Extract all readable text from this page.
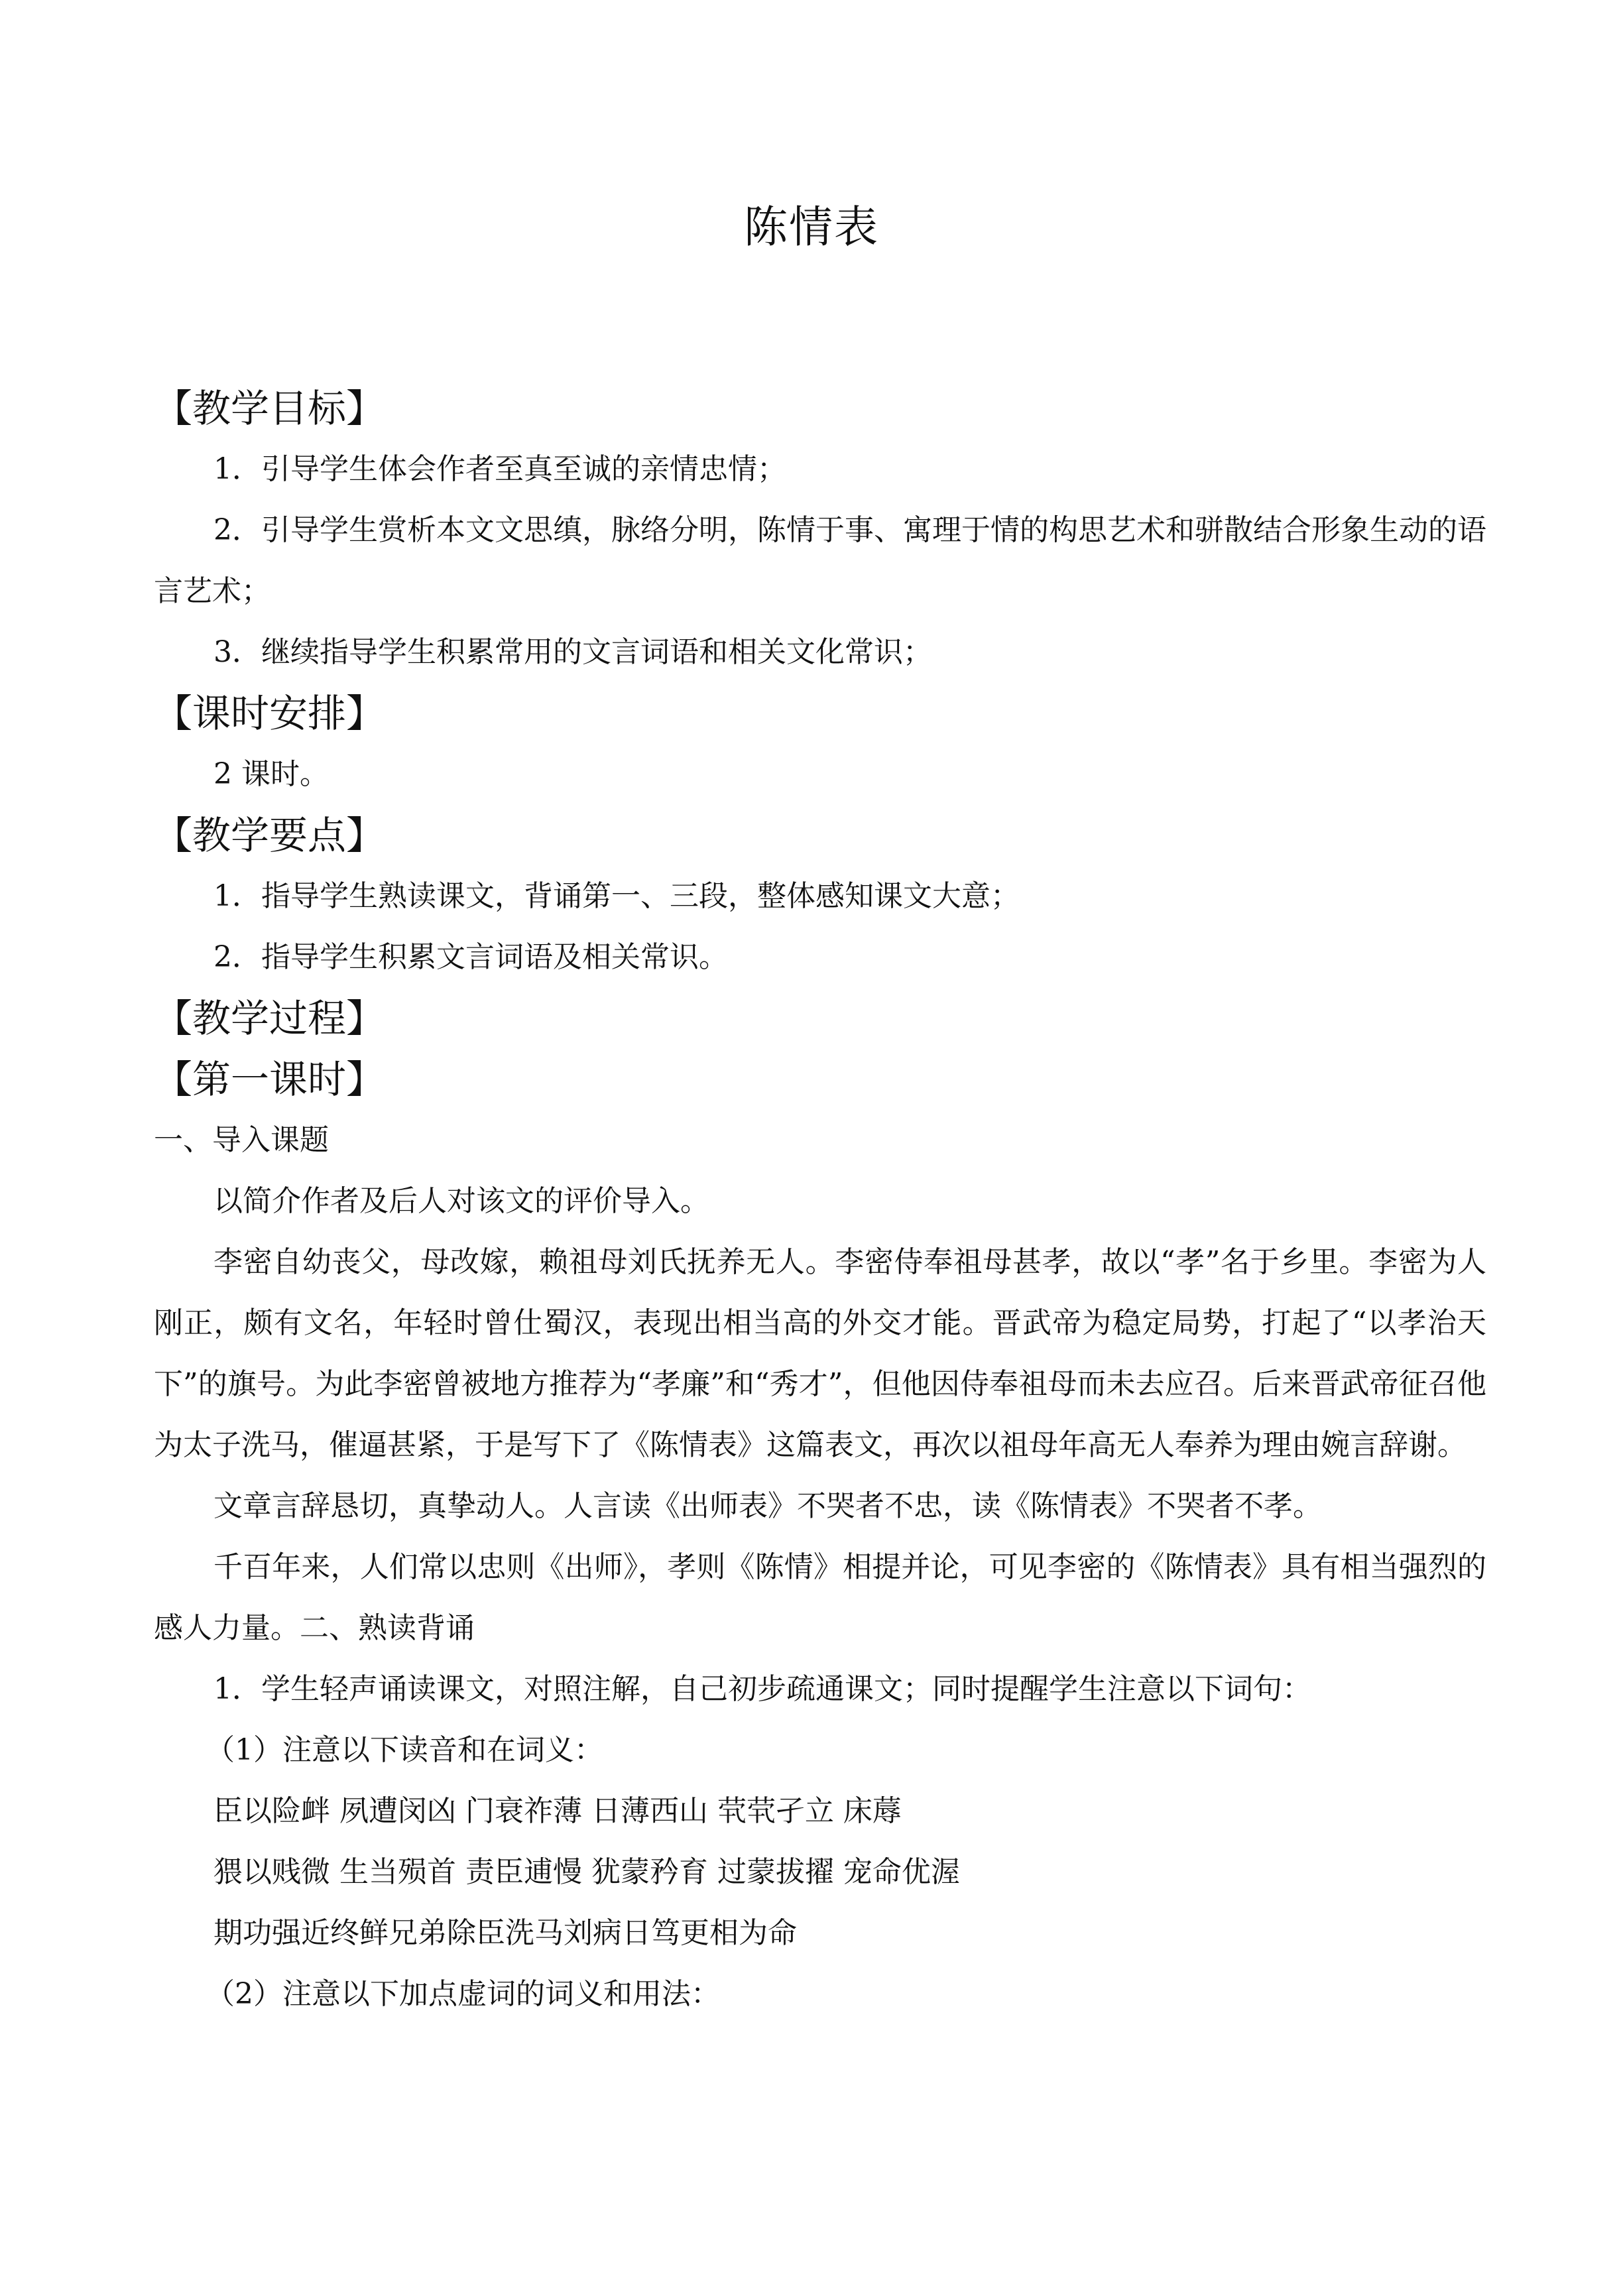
陈情表
【教学目标】

1．引导学生体会作者至真至诚的亲情忠情；

2．引导学生赏析本文文思缜，脉络分明，陈情于事、寓理于情的构思艺术和骈散结合形象生动的语言艺术；

3．继续指导学生积累常用的文言词语和相关文化常识；

【课时安排】

2 课时。

【教学要点】

1．指导学生熟读课文，背诵第一、三段，整体感知课文大意；

2．指导学生积累文言词语及相关常识。

【教学过程】
【第一课时】
一、导入课题

以简介作者及后人对该文的评价导入。

李密自幼丧父，母改嫁，赖祖母刘氏抚养无人。李密侍奉祖母甚孝，故以“孝”名于乡里。李密为人刚正，颇有文名，年轻时曾仕蜀汉，表现出相当高的外交才能。晋武帝为稳定局势，打起了“以孝治天下”的旗号。为此李密曾被地方推荐为“孝廉”和“秀才”，但他因侍奉祖母而未去应召。后来晋武帝征召他为太子洗马，催逼甚紧，于是写下了《陈情表》这篇表文，再次以祖母年高无人奉养为理由婉言辞谢。

文章言辞恳切，真挚动人。人言读《出师表》不哭者不忠，读《陈情表》不哭者不孝。

千百年来，人们常以忠则《出师》，孝则《陈情》相提并论，可见李密的《陈情表》具有相当强烈的感人力量。二、熟读背诵

1．学生轻声诵读课文，对照注解，自己初步疏通课文；同时提醒学生注意以下词句：

（1）注意以下读音和在词义：
臣以险衅 夙遭闵凶 门衰祚薄 日薄西山 茕茕孑立 床蓐
猥以贱微 生当殒首 责臣逋慢 犹蒙矜育 过蒙拔擢 宠命优渥
期功强近终鲜兄弟除臣洗马刘病日笃更相为命
（2）注意以下加点虚词的词义和用法：
